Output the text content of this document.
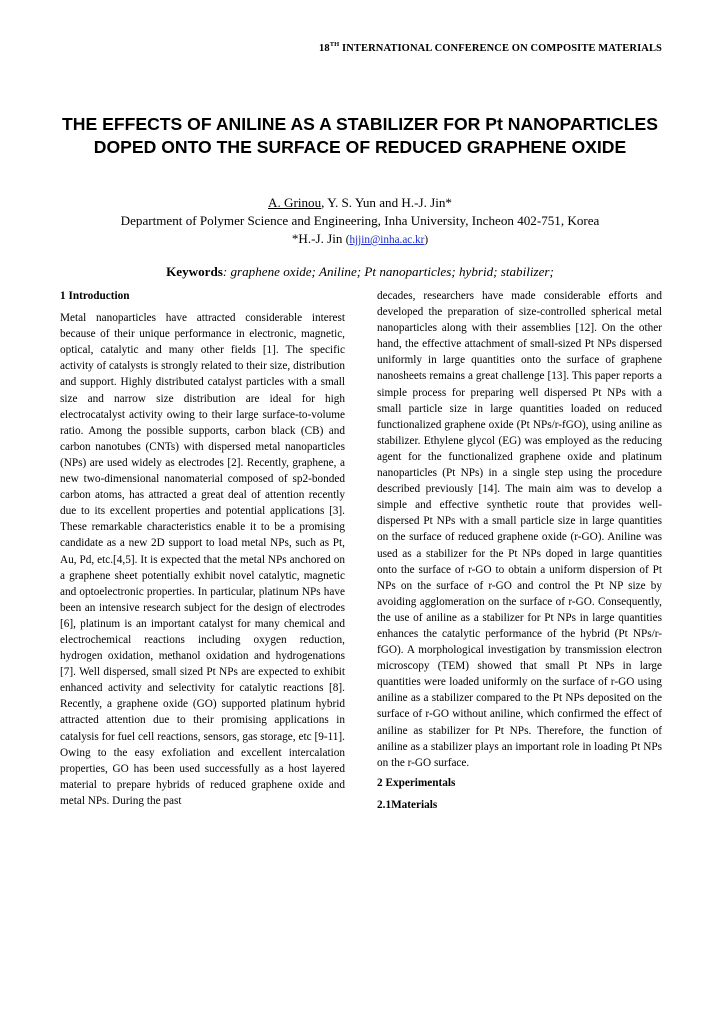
18TH INTERNATIONAL CONFERENCE ON COMPOSITE MATERIALS
THE EFFECTS OF ANILINE AS A STABILIZER FOR Pt NANOPARTICLES DOPED ONTO THE SURFACE OF REDUCED GRAPHENE OXIDE
A. Grinou, Y. S. Yun and H.-J. Jin*
Department of Polymer Science and Engineering, Inha University, Incheon 402-751, Korea
*H.-J. Jin (hjjin@inha.ac.kr)
Keywords: graphene oxide; Aniline; Pt nanoparticles; hybrid; stabilizer;
1 Introduction

Metal nanoparticles have attracted considerable interest because of their unique performance in electronic, magnetic, optical, catalytic and many other fields [1]. The specific activity of catalysts is strongly related to their size, distribution and support. Highly distributed catalyst particles with a small size and narrow size distribution are ideal for high electrocatalyst activity owing to their large surface-to-volume ratio. Among the possible supports, carbon black (CB) and carbon nanotubes (CNTs) with dispersed metal nanoparticles (NPs) are used widely as electrodes [2]. Recently, graphene, a new two-dimensional nanomaterial composed of sp2-bonded carbon atoms, has attracted a great deal of attention recently due to its excellent properties and potential applications [3]. These remarkable characteristics enable it to be a promising candidate as a new 2D support to load metal NPs, such as Pt, Au, Pd, etc.[4,5]. It is expected that the metal NPs anchored on a graphene sheet potentially exhibit novel catalytic, magnetic and optoelectronic properties. In particular, platinum NPs have been an intensive research subject for the design of electrodes [6], platinum is an important catalyst for many chemical and electrochemical reactions including oxygen reduction, hydrogen oxidation, methanol oxidation and hydrogenations [7]. Well dispersed, small sized Pt NPs are expected to exhibit enhanced activity and selectivity for catalytic reactions [8]. Recently, a graphene oxide (GO) supported platinum hybrid attracted attention due to their promising applications in catalysis for fuel cell reactions, sensors, gas storage, etc [9-11]. Owing to the easy exfoliation and excellent intercalation properties, GO has been used successfully as a host layered material to prepare hybrids of reduced graphene oxide and metal NPs. During the past

decades, researchers have made considerable efforts and developed the preparation of size-controlled spherical metal nanoparticles along with their assemblies [12]. On the other hand, the effective attachment of small-sized Pt NPs dispersed uniformly in large quantities onto the surface of graphene nanosheets remains a great challenge [13]. This paper reports a simple process for preparing well dispersed Pt NPs with a small particle size in large quantities loaded on reduced functionalized graphene oxide (Pt NPs/r-fGO), using aniline as stabilizer. Ethylene glycol (EG) was employed as the reducing agent for the functionalized graphene oxide and platinum nanoparticles (Pt NPs) in a single step using the procedure described previously [14]. The main aim was to develop a simple and effective synthetic route that provides well-dispersed Pt NPs with a small particle size in large quantities on the surface of reduced graphene oxide (r-GO). Aniline was used as a stabilizer for the Pt NPs doped in large quantities onto the surface of r-GO to obtain a uniform dispersion of Pt NPs on the surface of r-GO and control the Pt NP size by avoiding agglomeration on the surface of r-GO. Consequently, the use of aniline as a stabilizer for Pt NPs in large quantities enhances the catalytic performance of the hybrid (Pt NPs/r-fGO). A morphological investigation by transmission electron microscopy (TEM) showed that small Pt NPs in large quantities were loaded uniformly on the surface of r-GO using aniline as a stabilizer compared to the Pt NPs deposited on the surface of r-GO without aniline, which confirmed the effect of aniline as stabilizer for Pt NPs. Therefore, the function of aniline as a stabilizer plays an important role in loading Pt NPs on the r-GO surface.

2 Experimentals
2.1Materials
